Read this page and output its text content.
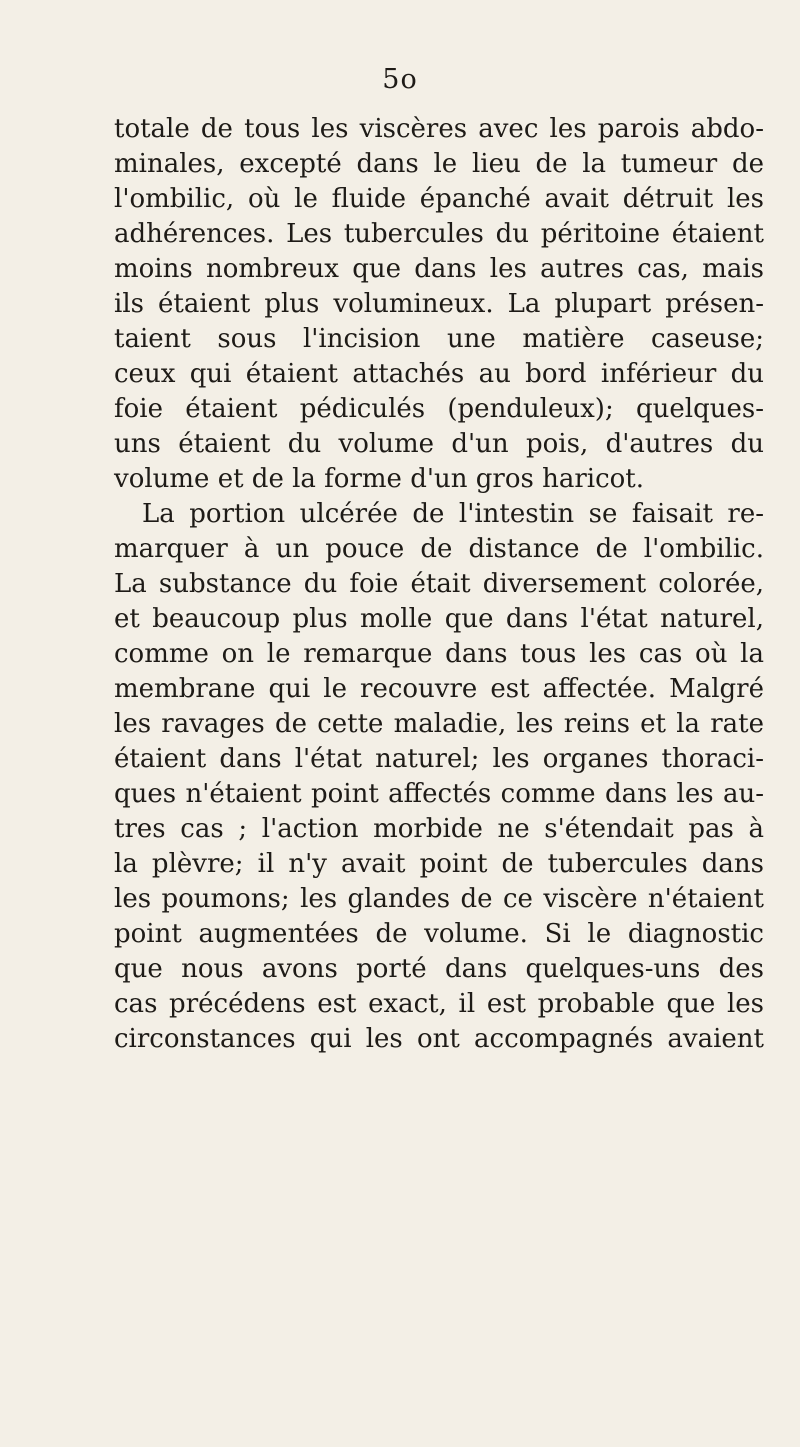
5o
totale de tous les viscères avec les parois abdo-
minales, excepté dans le lieu de la tumeur de
l'ombilic, où le fluide épanché avait détruit les
adhérences. Les tubercules du péritoine étaient
moins nombreux que dans les autres cas, mais
ils étaient plus volumineux. La plupart présen-
taient sous l'incision une matière caseuse;
ceux qui étaient attachés au bord inférieur du
foie étaient pédiculés (penduleux); quelques-
uns étaient du volume d'un pois, d'autres du
volume et de la forme d'un gros haricot.
La portion ulcérée de l'intestin se faisait re-
marquer à un pouce de distance de l'ombilic.
La substance du foie était diversement colorée,
et beaucoup plus molle que dans l'état naturel,
comme on le remarque dans tous les cas où la
membrane qui le recouvre est affectée. Malgré
les ravages de cette maladie, les reins et la rate
étaient dans l'état naturel; les organes thoraci-
ques n'étaient point affectés comme dans les au-
tres cas ; l'action morbide ne s'étendait pas à
la plèvre; il n'y avait point de tubercules dans
les poumons; les glandes de ce viscère n'étaient
point augmentées de volume. Si le diagnostic
que nous avons porté dans quelques-uns des
cas précédens est exact, il est probable que les
circonstances qui les ont accompagnés avaient
